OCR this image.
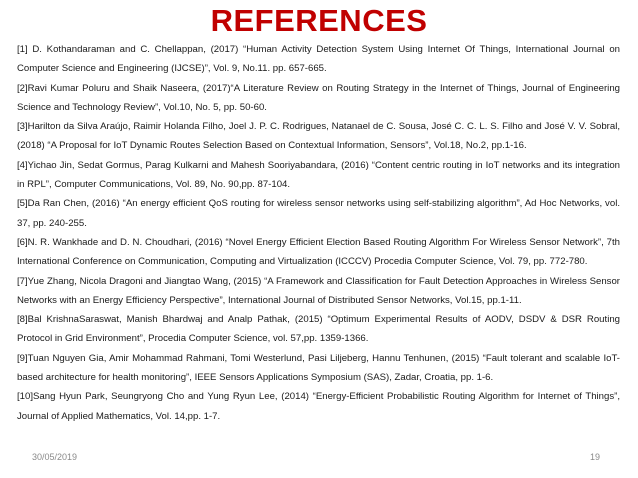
REFERENCES

[1] D. Kothandaraman and C. Chellappan, (2017) “Human Activity Detection System Using Internet Of Things, International Journal on Computer Science and Engineering (IJCSE)”, Vol. 9, No.11. pp. 657-665.

[2]Ravi Kumar Poluru and Shaik Naseera, (2017)“A Literature Review on Routing Strategy in the Internet of Things, Journal of Engineering Science and Technology Review”, Vol.10, No. 5, pp. 50-60.

[3]Harilton da Silva Araújo, Raimir Holanda Filho, Joel J. P. C. Rodrigues, Natanael de C. Sousa, José C. C. L. S. Filho and José V. V. Sobral, (2018) “A Proposal for IoT Dynamic Routes Selection Based on Contextual Information, Sensors”, Vol.18, No.2, pp.1-16.

[4]Yichao Jin, Sedat Gormus, Parag Kulkarni and Mahesh Sooriyabandara, (2016) “Content centric routing in IoT networks and its integration in RPL”, Computer Communications, Vol. 89, No. 90,pp. 87-104.

[5]Da Ran Chen, (2016) “An energy efficient QoS routing for wireless sensor networks using self-stabilizing algorithm”, Ad Hoc Networks, vol. 37, pp. 240-255.

[6]N. R. Wankhade and D. N. Choudhari, (2016) “Novel Energy Efficient Election Based Routing Algorithm For Wireless Sensor Network”, 7th International Conference on Communication, Computing and Virtualization (ICCCV) Procedia Computer Science, Vol. 79, pp. 772-780.

[7]Yue Zhang, Nicola Dragoni and Jiangtao Wang, (2015) “A Framework and Classification for Fault Detection Approaches in Wireless Sensor Networks with an Energy Efficiency Perspective”, International Journal of Distributed Sensor Networks, Vol.15, pp.1-11.

[8]Bal KrishnaSaraswat, Manish Bhardwaj and Analp Pathak, (2015) “Optimum Experimental Results of AODV, DSDV & DSR Routing Protocol in Grid Environment”, Procedia Computer Science, vol. 57,pp. 1359-1366.

[9]Tuan Nguyen Gia, Amir Mohammad Rahmani, Tomi Westerlund, Pasi Liljeberg, Hannu Tenhunen, (2015) “Fault tolerant and scalable IoT-based architecture for health monitoring”, IEEE Sensors Applications Symposium (SAS), Zadar, Croatia, pp. 1-6.

[10]Sang Hyun Park, Seungryong Cho and Yung Ryun Lee, (2014) “Energy-Efficient Probabilistic Routing Algorithm for Internet of Things”, Journal of Applied Mathematics, Vol. 14,pp. 1-7.

30/05/2019	19
